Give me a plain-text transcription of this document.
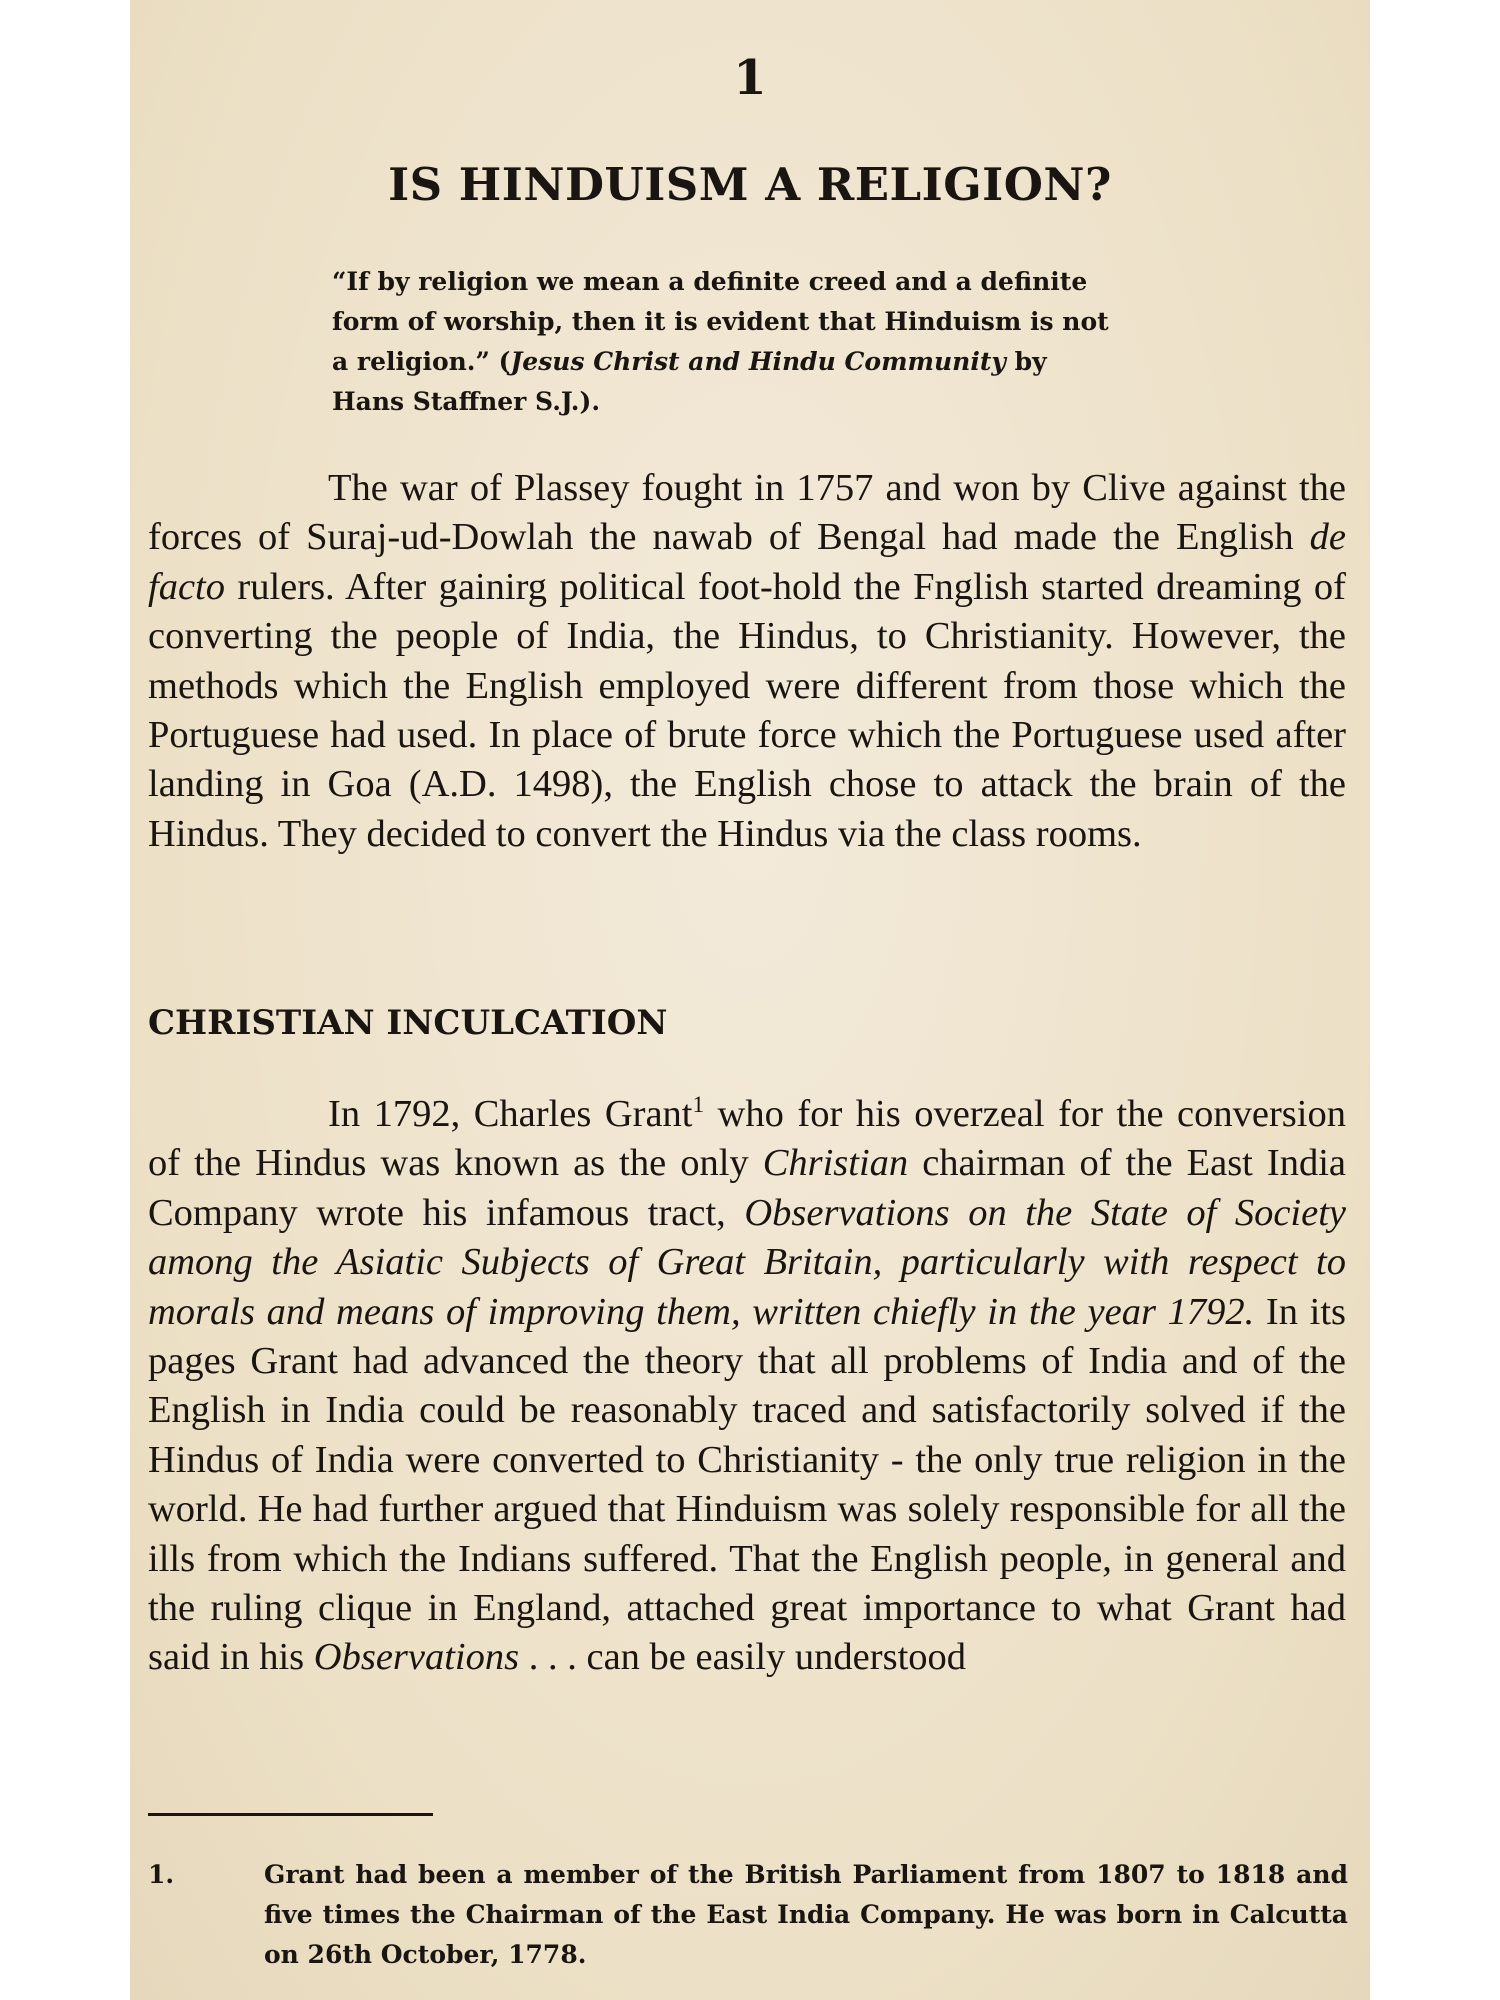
1
IS HINDUISM A RELIGION?
“If by religion we mean a definite creed and a definite form of worship, then it is evident that Hinduism is not a religion.” (Jesus Christ and Hindu Community by Hans Staffner S.J.).

The war of Plassey fought in 1757 and won by Clive against the forces of Suraj-ud-Dowlah the nawab of Bengal had made the English de facto rulers. After gainirg political foot-hold the Fnglish started dreaming of converting the people of India, the Hindus, to Christianity. However, the methods which the English employed were different from those which the Portuguese had used. In place of brute force which the Portuguese used after landing in Goa (A.D. 1498), the English chose to attack the brain of the Hindus. They decided to convert the Hindus via the class rooms.

CHRISTIAN INCULCATION

In 1792, Charles Grant$^1$ who for his overzeal for the conversion of the Hindus was known as the only Christian chairman of the East India Company wrote his infamous tract, Observations on the State of Society among the Asiatic Subjects of Great Britain, particularly with respect to morals and means of improving them, written chiefly in the year 1792. In its pages Grant had advanced the theory that all problems of India and of the English in India could be reasonably traced and satisfactorily solved if the Hindus of India were converted to Christianity - the only true religion in the world. He had further argued that Hinduism was solely responsible for all the ills from which the Indians suffered. That the English people, in general and the ruling clique in England, attached great importance to what Grant had said in his Observations . . . can be easily understood

1.	Grant had been a member of the British Parliament from 1807 to 1818 and five times the Chairman of the East India Company. He was born in Calcutta on 26th October, 1778.
